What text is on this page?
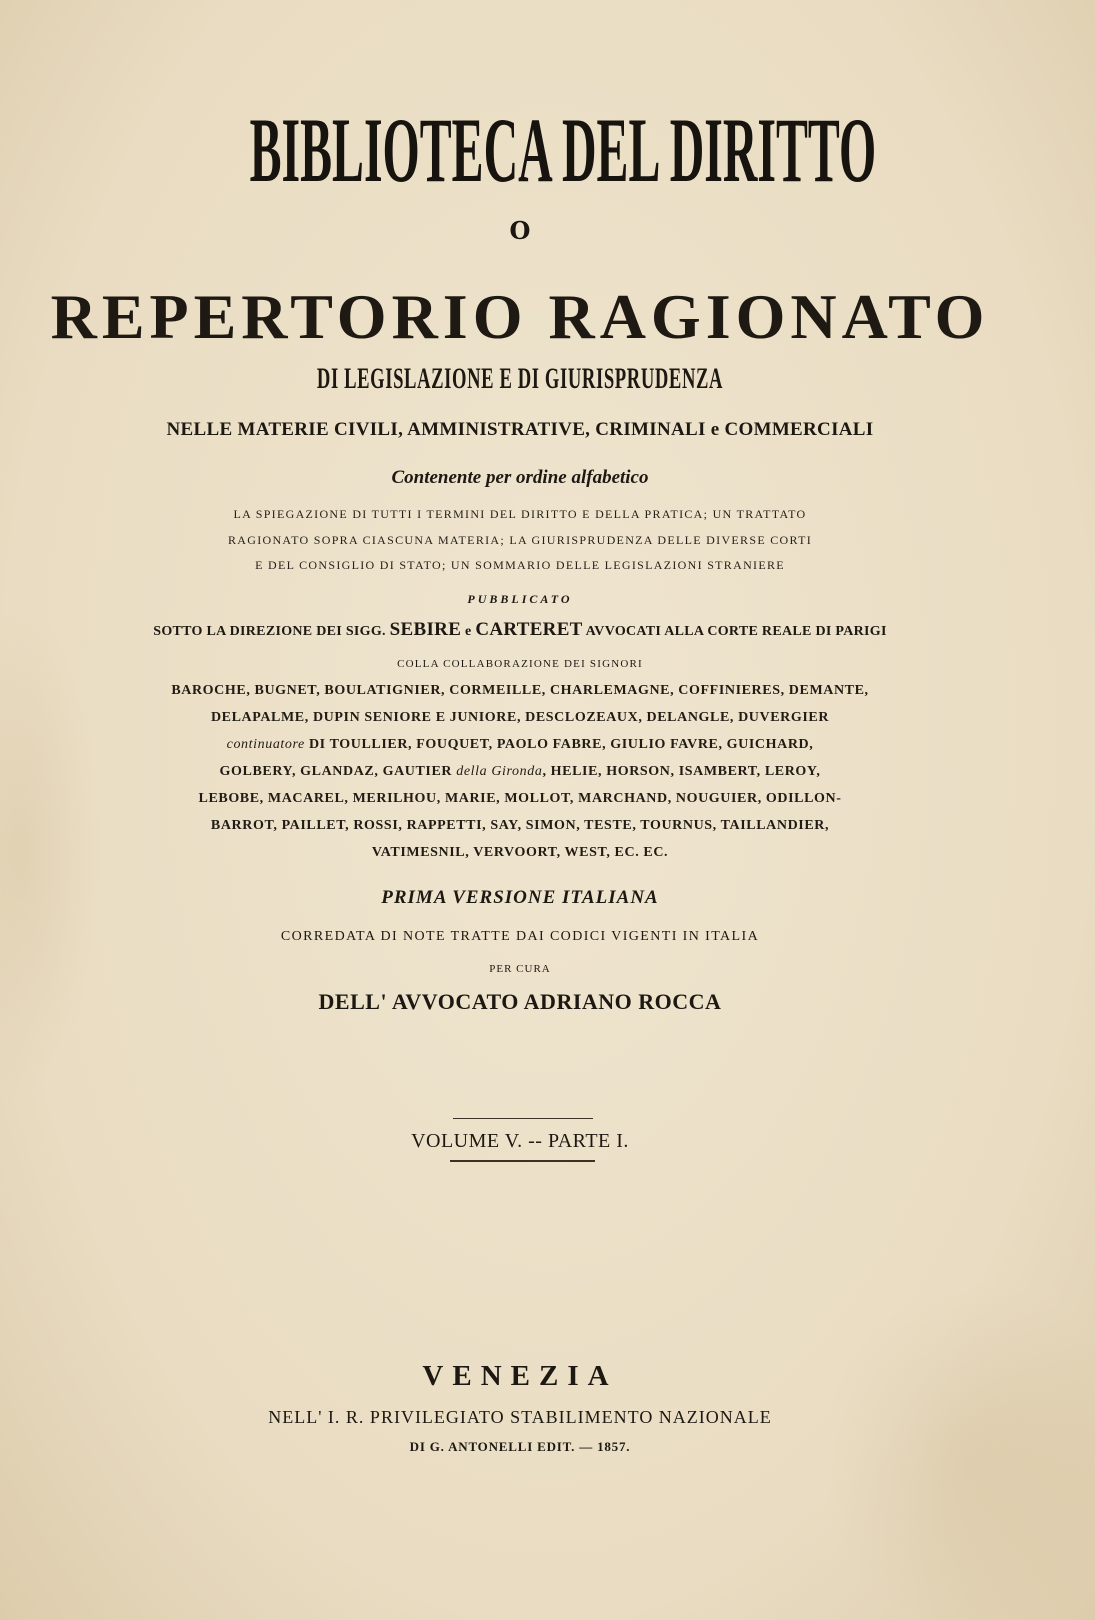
BIBLIOTECA DEL DIRITTO
O
REPERTORIO RAGIONATO
DI LEGISLAZIONE E DI GIURISPRUDENZA
NELLE MATERIE CIVILI, AMMINISTRATIVE, CRIMINALI e COMMERCIALI
Contenente per ordine alfabetico
LA SPIEGAZIONE DI TUTTI I TERMINI DEL DIRITTO E DELLA PRATICA; UN TRATTATO
RAGIONATO SOPRA CIASCUNA MATERIA; LA GIURISPRUDENZA DELLE DIVERSE CORTI
E DEL CONSIGLIO DI STATO; UN SOMMARIO DELLE LEGISLAZIONI STRANIERE
PUBBLICATO
SOTTO LA DIREZIONE DEI SIGG. SEBIRE e CARTERET AVVOCATI ALLA CORTE REALE DI PARIGI
COLLA COLLABORAZIONE DEI SIGNORI
BAROCHE, BUGNET, BOULATIGNIER, CORMEILLE, CHARLEMAGNE, COFFINIERES, DEMANTE,
DELAPALME, DUPIN SENIORE E JUNIORE, DESCLOZEAUX, DELANGLE, DUVERGIER
continuatore DI TOULLIER, FOUQUET, PAOLO FABRE, GIULIO FAVRE, GUICHARD,
GOLBERY, GLANDAZ, GAUTIER della Gironda, HELIE, HORSON, ISAMBERT, LEROY,
LEBOBE, MACAREL, MERILHOU, MARIE, MOLLOT, MARCHAND, NOUGUIER, ODILLON-
BARROT, PAILLET, ROSSI, RAPPETTI, SAY, SIMON, TESTE, TOURNUS, TAILLANDIER,
VATIMESNIL, VERVOORT, WEST, EC. EC.
PRIMA VERSIONE ITALIANA
CORREDATA DI NOTE TRATTE DAI CODICI VIGENTI IN ITALIA
PER CURA
DELL' AVVOCATO ADRIANO ROCCA
VOLUME V. -- PARTE I.
VENEZIA
NELL' I. R. PRIVILEGIATO STABILIMENTO NAZIONALE
DI G. ANTONELLI EDIT. — 1857.
